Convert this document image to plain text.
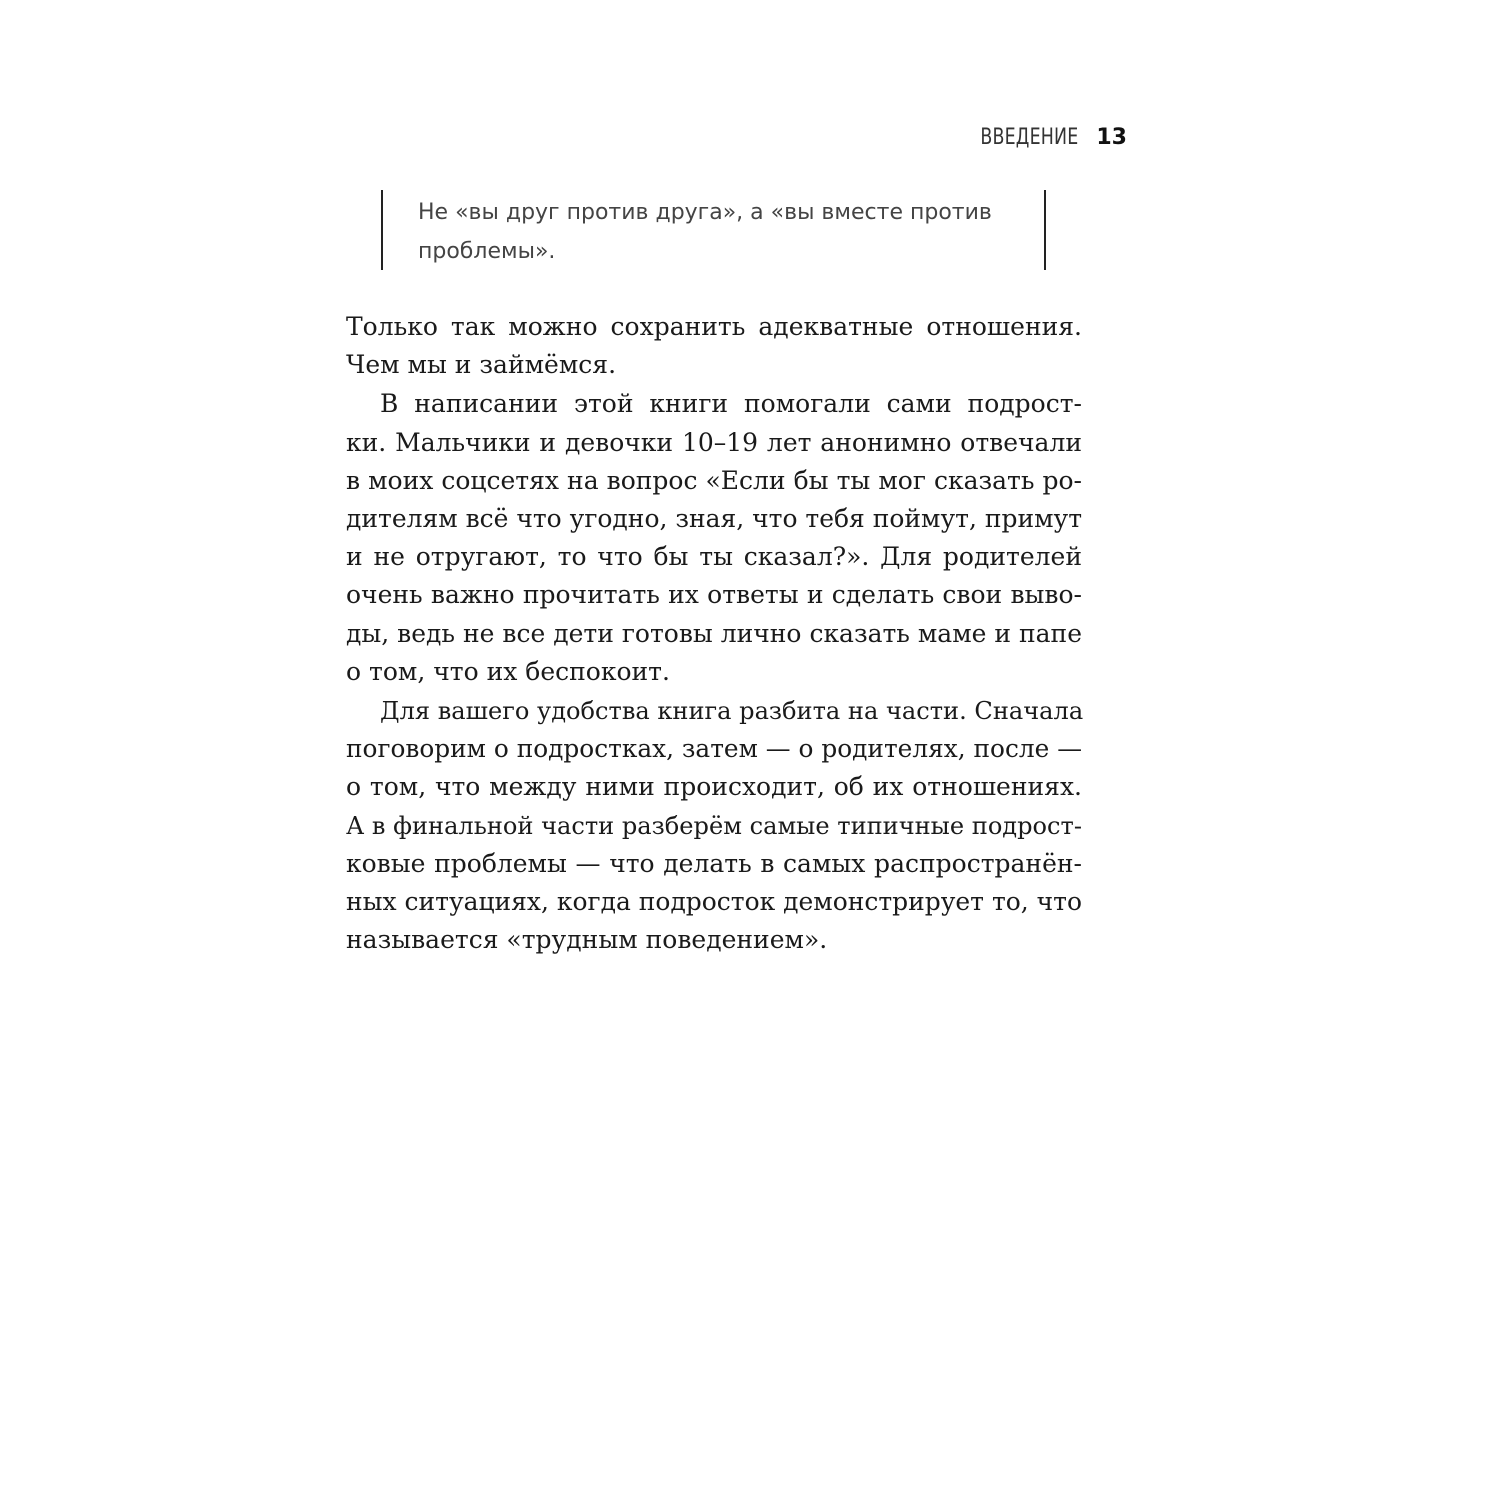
ВВЕДЕНИЕ 13
Не «вы друг против друга», а «вы вместе против
проблемы».

Только так можно сохранить адекватные отношения.
Чем мы и займёмся.

В написании этой книги помогали сами подрост-
ки. Мальчики и девочки 10–19 лет анонимно отвечали
в моих соцсетях на вопрос «Если бы ты мог сказать ро-
дителям всё что угодно, зная, что тебя поймут, примут
и не отругают, то что бы ты сказал?». Для родителей
очень важно прочитать их ответы и сделать свои выво-
ды, ведь не все дети готовы лично сказать маме и папе
о том, что их беспокоит.

Для вашего удобства книга разбита на части. Сначала
поговорим о подростках, затем — о родителях, после —
о том, что между ними происходит, об их отношениях.
А в финальной части разберём самые типичные подрост-
ковые проблемы — что делать в самых распространён-
ных ситуациях, когда подросток демонстрирует то, что
называется «трудным поведением».
